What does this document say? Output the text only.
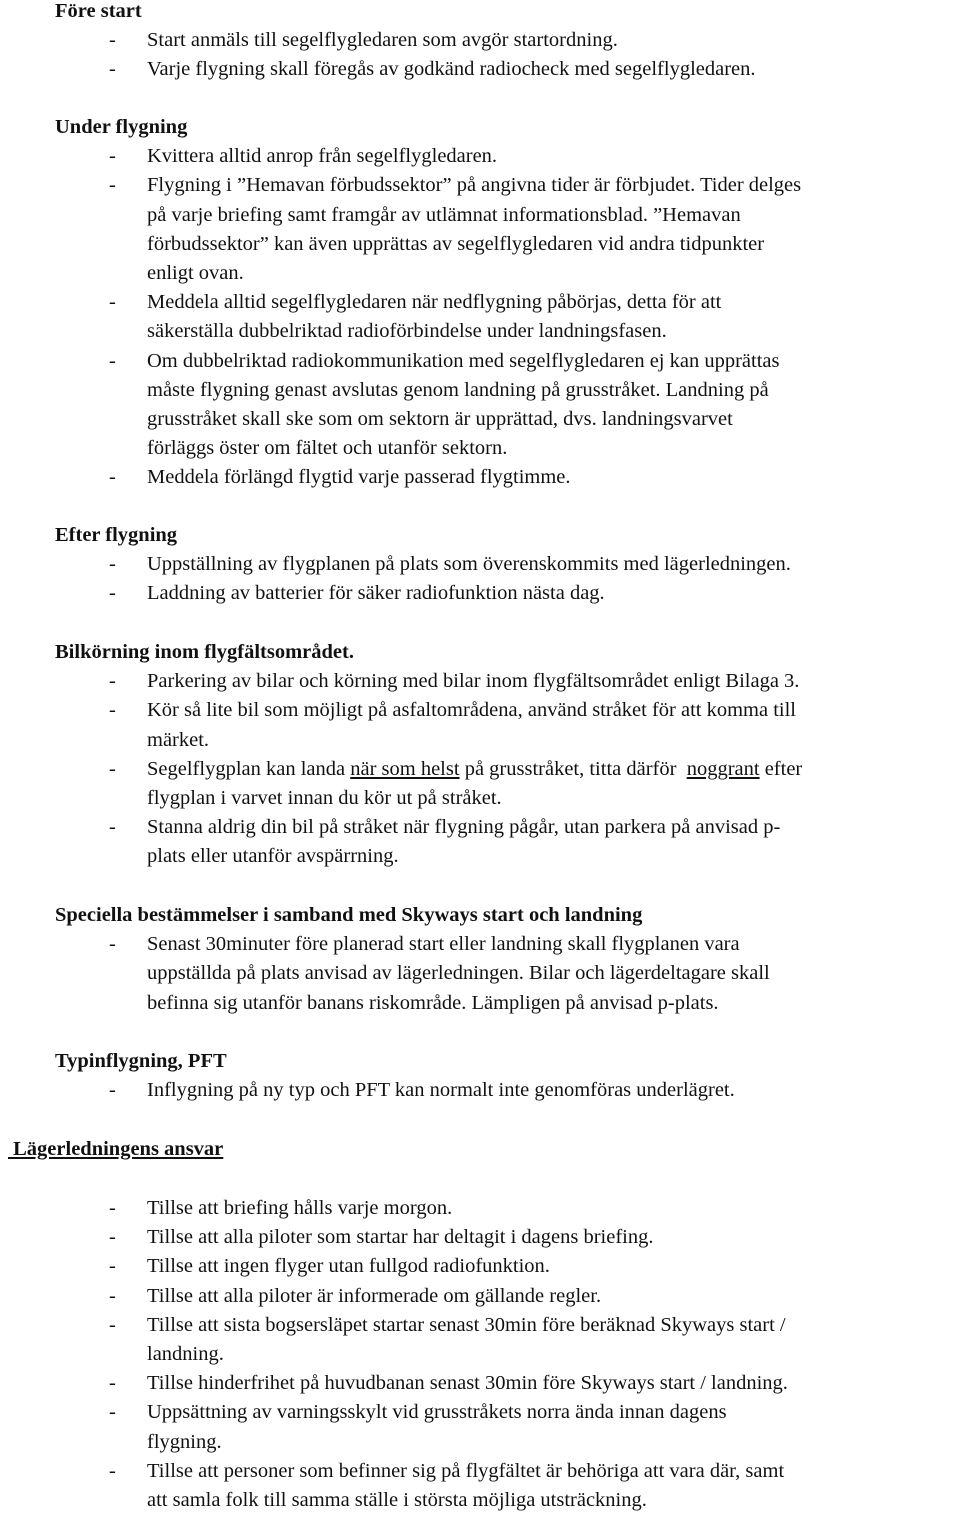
Före start
- Start anmäls till segelflygledaren som avgör startordning.
- Varje flygning skall föregås av godkänd radiocheck med segelflygledaren.
Under flygning
- Kvittera alltid anrop från segelflygledaren.
- Flygning i ”Hemavan förbudssektor” på angivna tider är förbjudet. Tider delges
på varje briefing samt framgår av utlämnat informationsblad. ”Hemavan
förbudssektor” kan även upprättas av segelflygledaren vid andra tidpunkter
enligt ovan.
- Meddela alltid segelflygledaren när nedflygning påbörjas, detta för att
säkerställa dubbelriktad radioförbindelse under landningsfasen.
- Om dubbelriktad radiokommunikation med segelflygledaren ej kan upprättas
måste flygning genast avslutas genom landning på grusstråket. Landning på
grusstråket skall ske som om sektorn är upprättad, dvs. landningsvarvet
förläggs öster om fältet och utanför sektorn.
- Meddela förlängd flygtid varje passerad flygtimme.
Efter flygning
- Uppställning av flygplanen på plats som överenskommits med lägerledningen.
- Laddning av batterier för säker radiofunktion nästa dag.
Bilkörning inom flygfältsområdet.
- Parkering av bilar och körning med bilar inom flygfältsområdet enligt Bilaga 3.
- Kör så lite bil som möjligt på asfaltområdena, använd stråket för att komma till
märket.
- Segelflygplan kan landa när som helst på grusstråket, titta därför  noggrant efter
flygplan i varvet innan du kör ut på stråket.
- Stanna aldrig din bil på stråket när flygning pågår, utan parkera på anvisad p-
plats eller utanför avspärrning.
Speciella bestämmelser i samband med Skyways start och landning
- Senast 30minuter före planerad start eller landning skall flygplanen vara
uppställda på plats anvisad av lägerledningen. Bilar och lägerdeltagare skall
befinna sig utanför banans riskområde. Lämpligen på anvisad p-plats.
Typinflygning, PFT
- Inflygning på ny typ och PFT kan normalt inte genomföras underlägret.
Lägerledningens ansvar
- Tillse att briefing hålls varje morgon.
- Tillse att alla piloter som startar har deltagit i dagens briefing.
- Tillse att ingen flyger utan fullgod radiofunktion.
- Tillse att alla piloter är informerade om gällande regler.
- Tillse att sista bogsersläpet startar senast 30min före beräknad Skyways start /
landning.
- Tillse hinderfrihet på huvudbanan senast 30min före Skyways start / landning.
- Uppsättning av varningsskylt vid grusstråkets norra ända innan dagens
flygning.
- Tillse att personer som befinner sig på flygfältet är behöriga att vara där, samt
att samla folk till samma ställe i största möjliga utsträckning.
